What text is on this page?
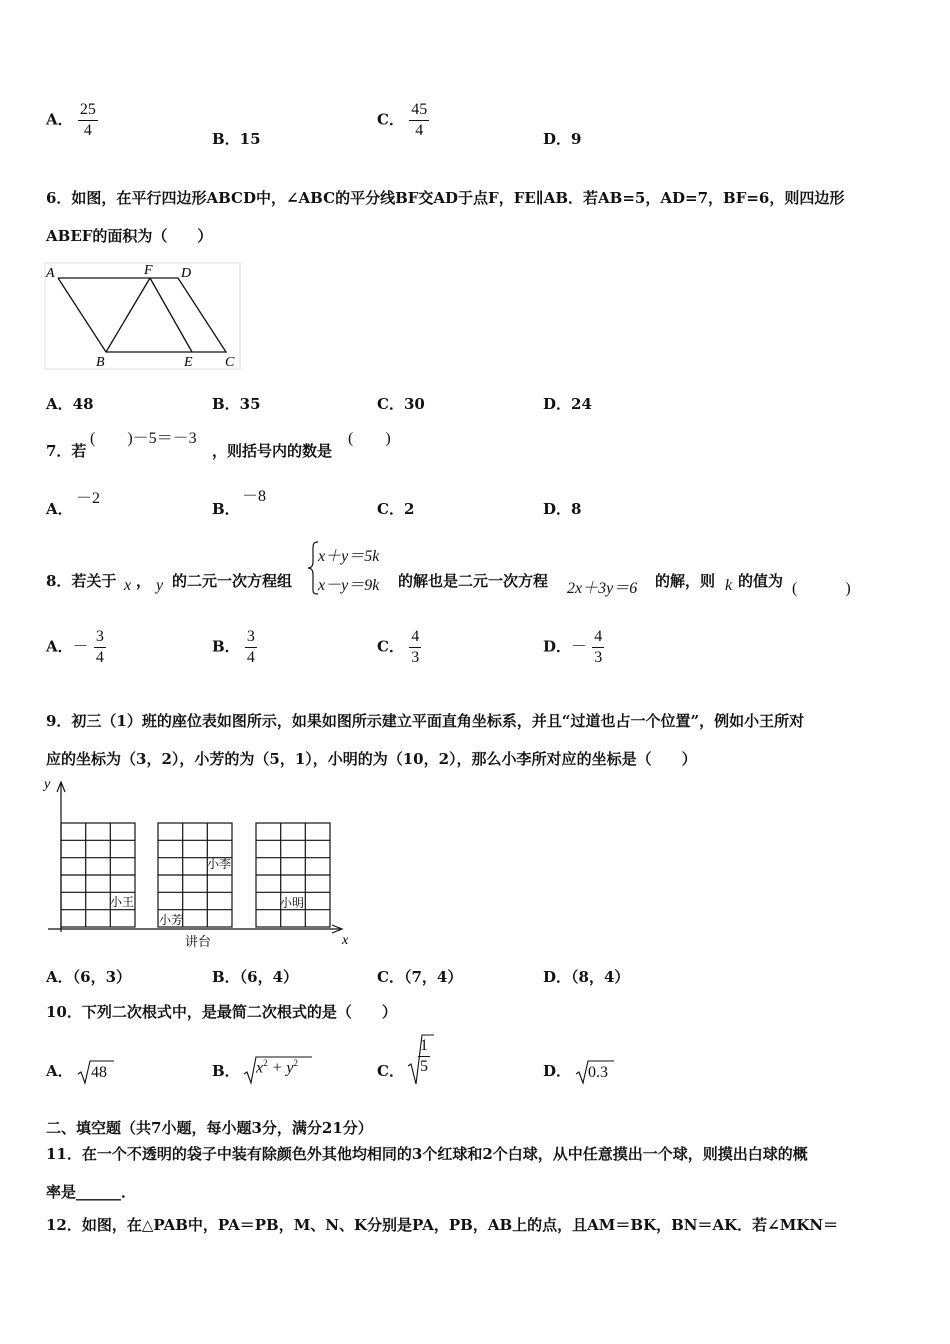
A． $\frac{25}{4}$	B．15
C． $\frac{45}{4}$	D．9
6．如图，在平行四边形ABCD中，∠ABC的平分线BF交AD于点F，FE∥AB．若AB=5，AD=7，BF=6，则四边形
ABEF的面积为（　　）
A	F D
B	E C
A．48	B．35	C．30	D．24
7．若
(　　)－5＝－3
，则括号内的数是
(　　)
A．
－2
B．
－8
C．2	D．8
8．若关于 x ， y 的二元一次方程组
x＋y＝5k
x－y＝9k 的解也是二元一次方程 2x＋3y＝6 的解，则 k 的值为 (　　　)
A．－ $\frac{3}{4}$	B． $\frac{3}{4}$	C． $\frac{4}{3}$	D．－ $\frac{4}{3}$
9．初三（1）班的座位表如图所示，如果如图所示建立平面直角坐标系，并且“过道也占一个位置”，例如小王所对
应的坐标为（3，2），小芳的为（5，1），小明的为（10，2），那么小李所对应的坐标是（　　）
y
x
小王
小芳
小李
小明
讲台
A．（6，3）	B．（6，4）	C．（7，4）	D．（8，4）
10．下列二次根式中，是最简二次根式的是（　　）
A． 48	B． $x^2 + y^2$	C． $\frac{1}{5}$	D． 0.3
二、填空题（共7小题，每小题3分，满分21分）
11．在一个不透明的袋子中装有除颜色外其他均相同的3个红球和2个白球，从中任意摸出一个球，则摸出白球的概
率是______．
12．如图，在△PAB中，PA＝PB，M、N、K分别是PA，PB，AB上的点，且AM＝BK，BN＝AK．若∠MKN＝
